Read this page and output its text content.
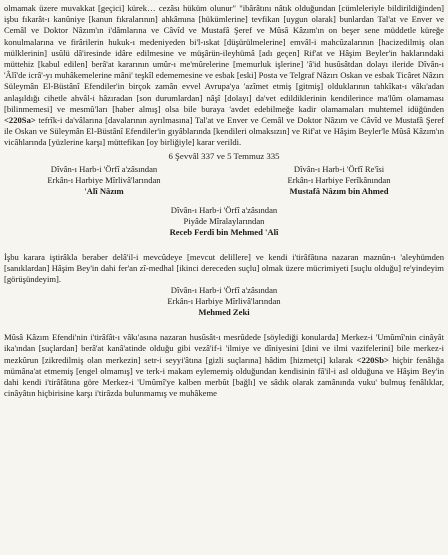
olmamak üzere muvakkat [geçici] kürek… cezâsı hüküm olunur" "ibârâtını nâtık olduğundan [cümleleriyle bildirildiğinden] işbu fıkarât-ı kanûniye [kanun fıkralarının] ahkâmına [hükümlerine] tevfikan [uygun olarak] bunlardan Tal'at ve Enver ve Cemâl ve Doktor Nâzım'ın i'dâmlarına ve Câvîd ve Mustafâ Şeref ve Mûsâ Kâzım'ın on beşer sene müddetle küreğe konulmalarına ve firârilerin hukuk-ı medeniyeden bi'l-ıskat [düşürülmelerine] emvâl-i mahcûzalarının [hacizedilmiş olan mülklerinin] usûlü dâ'iresinde idâre edilmesine ve müşârün-ileyhümâ [adı geçen] Rif'at ve Hâşim Beyler'in haklarındaki müttehiz [kabul edilen] berâ'at kararının umûr-ı me'mûrelerine [memurluk işlerine] 'â'id husûsâtdan dolayı ileride Dîvân-ı 'Âlî'de icrâ'-yı muhâkemelerine mâni' teşkîl edememesine ve esbak [eski] Posta ve Telgraf Nâzırı Oskan ve esbak Ticâret Nâzırı Süleymân El-Büstânî Efendiler'in birçok zamân evvel Avrupa'ya 'azîmet etmiş [gitmiş] olduklarının tahkîkat-ı vâkı'adan anlaşıldığı cihetle ahvâl-i hâzıradan [son durumlardan] nâşî [dolayı] da'vet edildiklerinin kendilerince ma'lûm olamaması [bilinmemesi] ve mesmû'ları [haber almış] olsa bile buraya 'avdet edebilmeğe kadir olamamaları muhtemel idüğünden <220Sa> tefrîk-i da'vâlarına [davalarının ayrılmasına] Tal'at ve Enver ve Cemâl ve Doktor Nâzım ve Câvîd ve Mustafâ Şeref ile Oskan ve Süleymân El-Büstânî Efendiler'in gıyâblarında [kendileri olmaksızın] ve Rif'at ve Hâşim Beyler'le Mûsâ Kâzım'ın vicâhlarında [yüzlerine karşı] müttefikan [oy birliğiyle] karar verildi.

6 Şevvâl 337 ve 5 Temmuz 335
Dîvân-ı Harb-i 'Örfî a'zâsından
Erkân-ı Harbiye Mîrlivâ'larından
'Alî Nâzım
Dîvân-ı Harb-i 'Örfî Re'îsi
Erkân-ı Harbiye Ferîkânından
Mustafâ Nâzım bin Ahmed
Dîvân-ı Harb-i 'Örfî a'zâsından
Piyâde Mîralaylarından
Receb Ferdî bin Mehmed 'Alî

İşbu karara iştirâkla beraber delâ'il-i mevcûdeye [mevcut delillere] ve kendi i'tirâfâtına nazaran maznûn-ı 'aleyhümden [sanıklardan] Hâşim Bey'in dahi fer'an zî-medhal [ikinci dereceden suçlu] olmak üzere mücrimiyeti [suçlu olduğu] re'yindeyim [görüşündeyim].

Dîvân-ı Harb-i 'Örfî a'zâsından
Erkân-ı Harbiye Mîrlivâ'larından
Mehmed Zeki

Mûsâ Kâzım Efendi'nin i'tirâfât-ı vâkı'asına nazaran husûsât-ı mesrûdede [söylediği konularda] Merkez-i 'Umûmî'nin cinâyât ika'ından [suçlardan] berâ'at kanâ'atinde olduğu gibi vezâ'if-i 'ilmiye ve dîniyesini [dini ve ilmi vazifelerini] bile merkez-i mezkûrun [zikredilmiş olan merkezin] setr-i seyyi'âtına [gizli suçlarına] hâdim [hizmetçi] kılarak <220Sb> hiçbir fenâlığa mümâna'at etmemiş [engel olmamış] ve terk-i makam eylememiş olduğundan kendisinin fâ'il-i asl olduğuna ve Hâşim Bey'in dahi kendi i'tirâfâtına göre Merkez-i 'Umûmî'ye kalben merbût [bağlı] ve sâdık olarak zamânında vuku' bulmuş fenâlıklar, cinâyâtın hiçbirisine karşı i'tirâzda bulunmamış ve muhâkeme
